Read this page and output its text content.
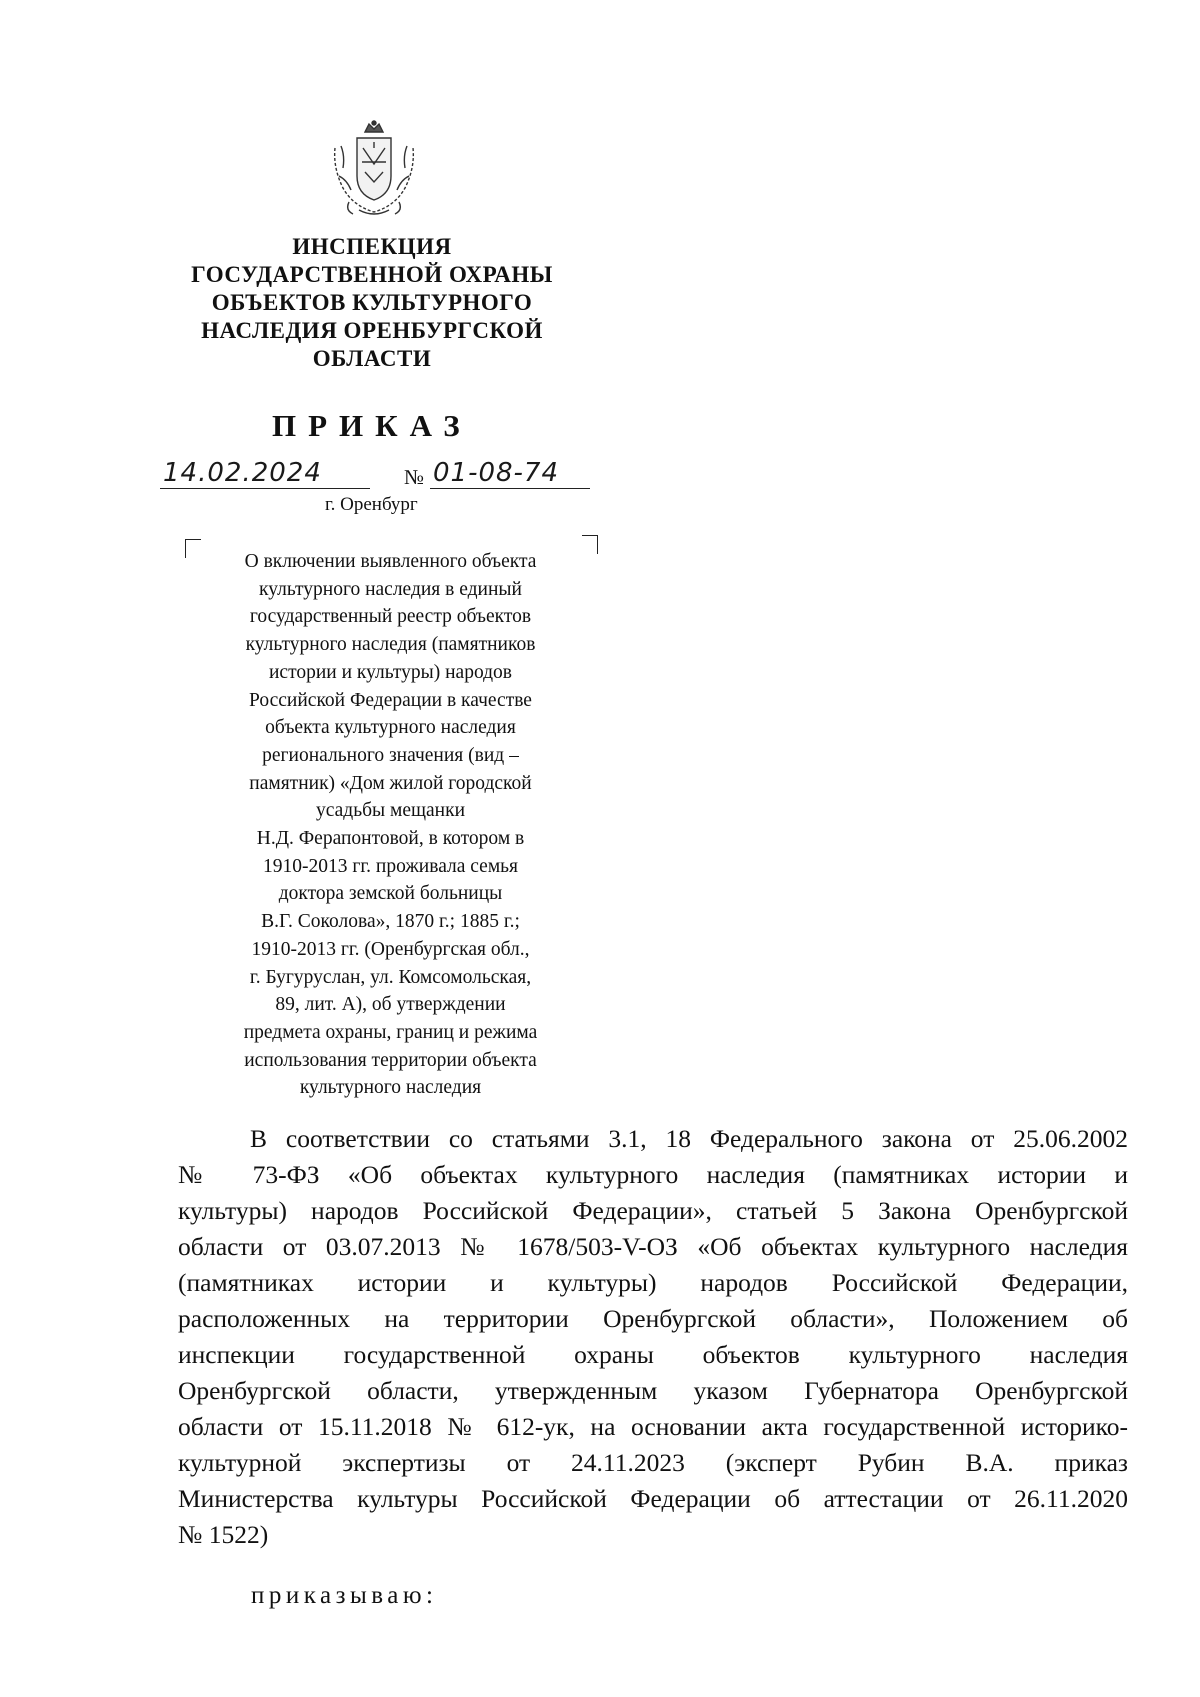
ИНСПЕКЦИЯ
ГОСУДАРСТВЕННОЙ ОХРАНЫ
ОБЪЕКТОВ КУЛЬТУРНОГО
НАСЛЕДИЯ ОРЕНБУРГСКОЙ
ОБЛАСТИ
ПРИКАЗ
14.02.2024	№ 01-08-74
г. Оренбург
О включении выявленного объекта
культурного наследия в единый
государственный реестр объектов
культурного наследия (памятников
истории и культуры) народов
Российской Федерации в качестве
объекта культурного наследия
регионального значения (вид –
памятник) «Дом жилой городской
усадьбы мещанки
Н.Д. Ферапонтовой, в котором в
1910-2013 гг. проживала семья
доктора земской больницы
В.Г. Соколова», 1870 г.; 1885 г.;
1910-2013 гг. (Оренбургская обл.,
г. Бугуруслан, ул. Комсомольская,
89, лит. А), об утверждении
предмета охраны, границ и режима
использования территории объекта
культурного наследия
В соответствии со статьями 3.1, 18 Федерального закона от 25.06.2002
№ 73-ФЗ «Об объектах культурного наследия (памятниках истории и
культуры) народов Российской Федерации», статьей 5 Закона Оренбургской
области от 03.07.2013 № 1678/503-V-ОЗ «Об объектах культурного наследия
(памятниках истории и культуры) народов Российской Федерации,
расположенных на территории Оренбургской области», Положением об
инспекции государственной охраны объектов культурного наследия
Оренбургской области, утвержденным указом Губернатора Оренбургской
области от 15.11.2018 № 612-ук, на основании акта государственной историко-
культурной экспертизы от 24.11.2023 (эксперт Рубин В.А. приказ
Министерства культуры Российской Федерации об аттестации от 26.11.2020
№ 1522)
приказываю:
